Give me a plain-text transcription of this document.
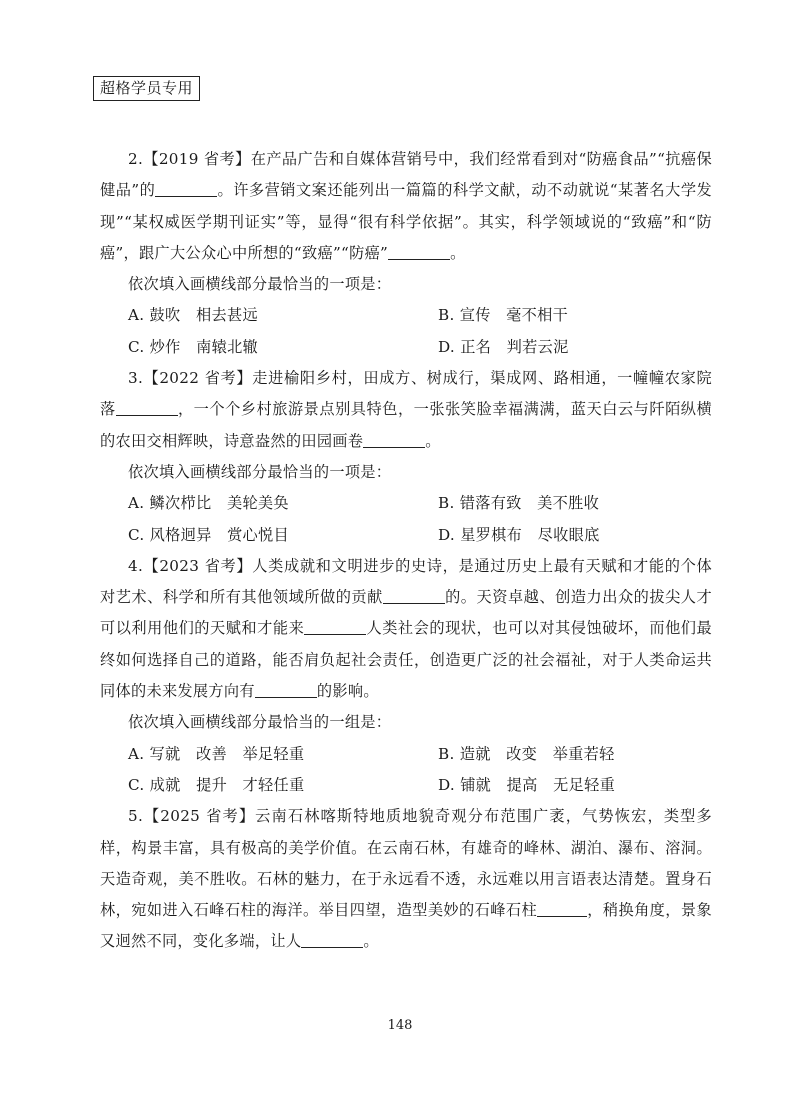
超格学员专用
2.【2019 省考】在产品广告和自媒体营销号中，我们经常看到对“防癌食品”“抗癌保健品”的	。许多营销文案还能列出一篇篇的科学文献，动不动就说“某著名大学发现”“某权威医学期刊证实”等，显得“很有科学依据”。其实，科学领域说的“致癌”和“防癌”，跟广大公众心中所想的“致癌”“防癌”	。
依次填入画横线部分最恰当的一项是：
A. 鼓吹　相去甚远	B. 宣传　毫不相干
C. 炒作　南辕北辙	D. 正名　判若云泥
3.【2022 省考】走进榆阳乡村，田成方、树成行，渠成网、路相通，一幢幢农家院落	，一个个乡村旅游景点别具特色，一张张笑脸幸福满满，蓝天白云与阡陌纵横的农田交相辉映，诗意盎然的田园画卷	。
依次填入画横线部分最恰当的一项是：
A. 鳞次栉比　美轮美奂	B. 错落有致　美不胜收
C. 风格迥异　赏心悦目	D. 星罗棋布　尽收眼底
4.【2023 省考】人类成就和文明进步的史诗，是通过历史上最有天赋和才能的个体对艺术、科学和所有其他领域所做的贡献	的。天资卓越、创造力出众的拔尖人才可以利用他们的天赋和才能来	人类社会的现状，也可以对其侵蚀破坏，而他们最终如何选择自己的道路，能否肩负起社会责任，创造更广泛的社会福祉，对于人类命运共同体的未来发展方向有	的影响。
依次填入画横线部分最恰当的一组是：
A. 写就　改善　举足轻重	B. 造就　改变　举重若轻
C. 成就　提升　才轻任重	D. 铺就　提高　无足轻重
5.【2025 省考】云南石林喀斯特地质地貌奇观分布范围广袤，气势恢宏，类型多样，构景丰富，具有极高的美学价值。在云南石林，有雄奇的峰林、湖泊、瀑布、溶洞。天造奇观，美不胜收。石林的魅力，在于永远看不透，永远难以用言语表达清楚。置身石林，宛如进入石峰石柱的海洋。举目四望，造型美妙的石峰石柱	，稍换角度，景象又迥然不同，变化多端，让人	。
148
